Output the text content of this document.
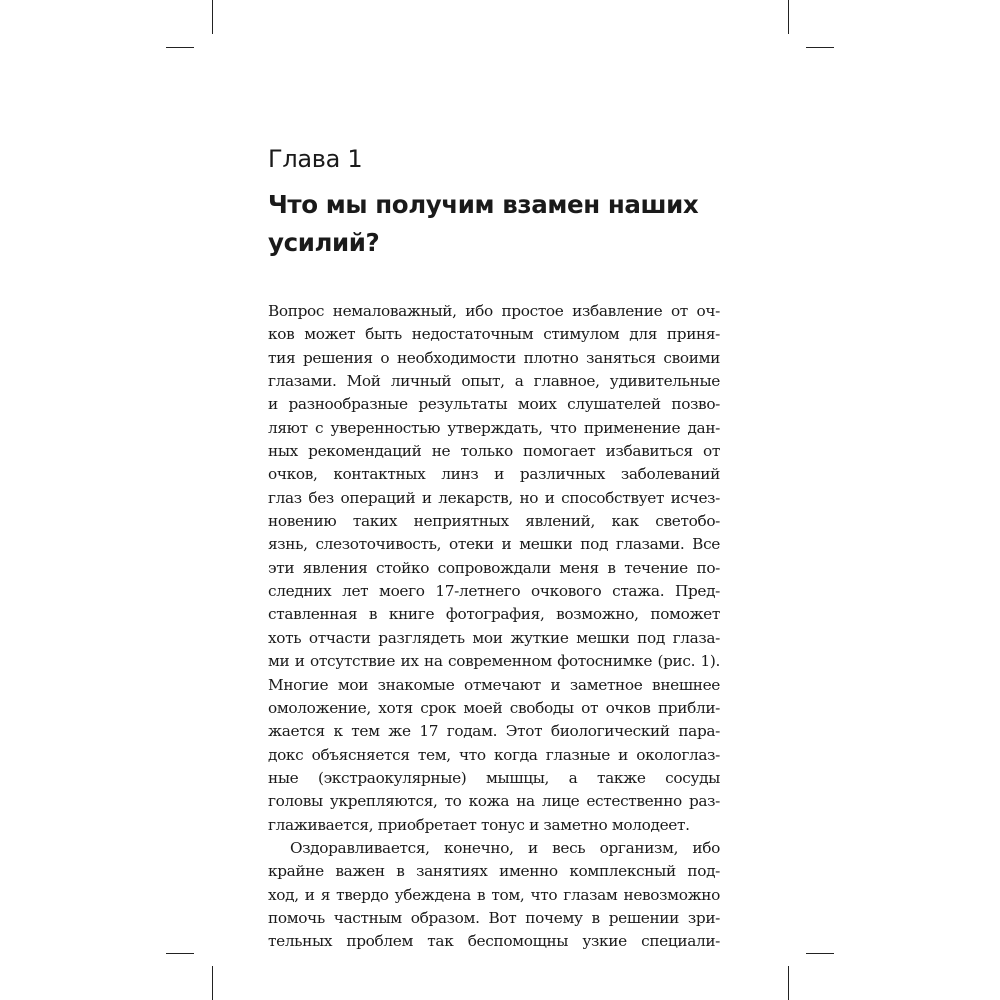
Глава 1
Что мы получим взамен наших
усилий?

Вопрос немаловажный, ибо простое избавление от оч-
ков может быть недостаточным стимулом для приня-
тия решения о необходимости плотно заняться своими
глазами. Мой личный опыт, а главное, удивительные
и разнообразные результаты моих слушателей позво-
ляют с уверенностью утверждать, что применение дан-
ных рекомендаций не только помогает избавиться от
очков, контактных линз и различных заболеваний
глаз без операций и лекарств, но и способствует исчез-
новению таких неприятных явлений, как светобо-
язнь, слезоточивость, отеки и мешки под глазами. Все
эти явления стойко сопровождали меня в течение по-
следних лет моего 17-летнего очкового стажа. Пред-
ставленная в книге фотография, возможно, поможет
хоть отчасти разглядеть мои жуткие мешки под глаза-
ми и отсутствие их на современном фотоснимке (рис. 1).
Многие мои знакомые отмечают и заметное внешнее
омоложение, хотя срок моей свободы от очков прибли-
жается к тем же 17 годам. Этот биологический пара-
докс объясняется тем, что когда глазные и окологлаз-
ные (экстраокулярные) мышцы, а также сосуды
головы укрепляются, то кожа на лице естественно раз-
глаживается, приобретает тонус и заметно молодеет.

Оздоравливается, конечно, и весь организм, ибо
крайне важен в занятиях именно комплексный под-
ход, и я твердо убеждена в том, что глазам невозможно
помочь частным образом. Вот почему в решении зри-
тельных проблем так беспомощны узкие специали-
